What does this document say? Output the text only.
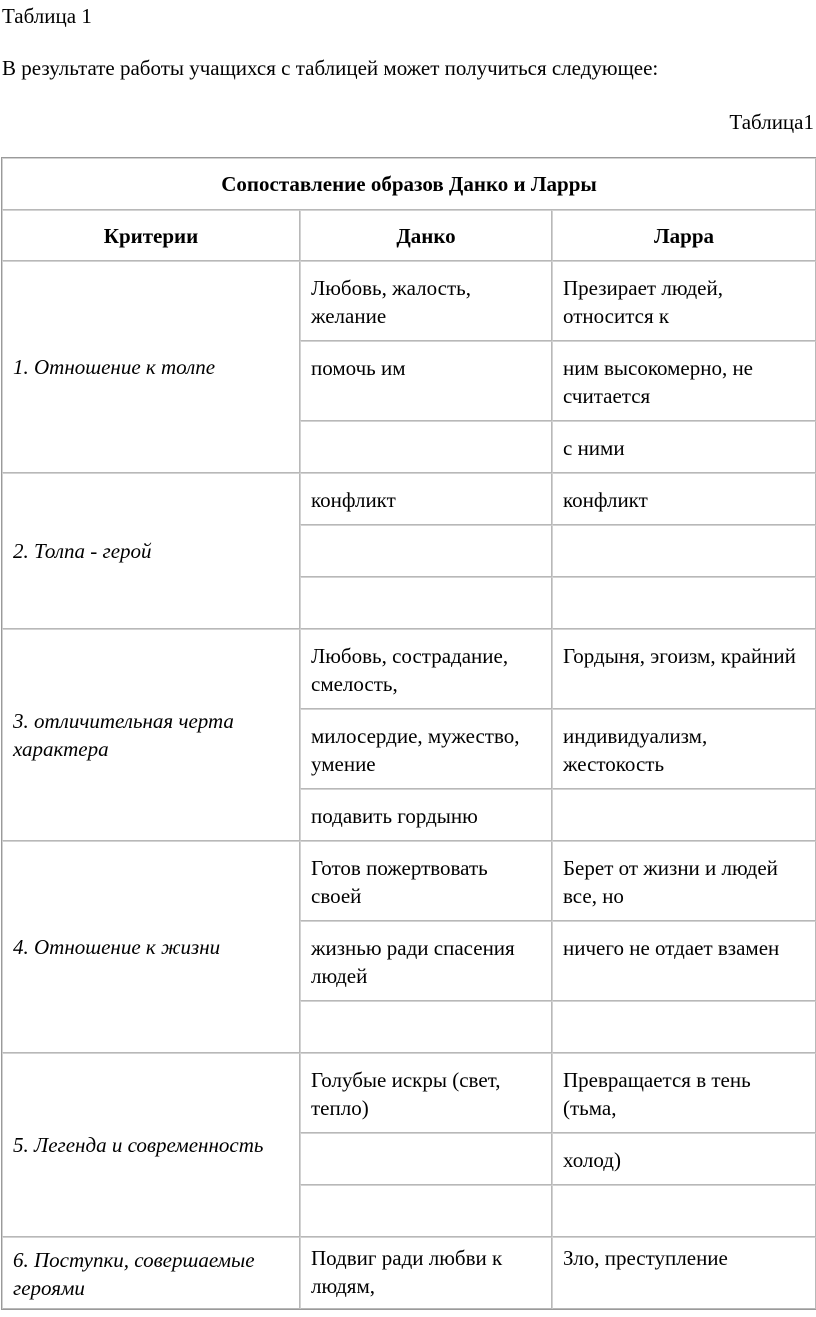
Таблица 1
В результате работы учащихся с таблицей может получиться следующее:
Таблица1
Сопоставление образов Данко и Ларры		
Критерии	Данко	Ларра
1. Отношение к толпе	Любовь, жалость, желание	Презирает людей, относится к
	помочь им	ним высокомерно, не считается
		с ними
2. Толпа - герой	конфликт	конфликт

3. отличительная черта характера	Любовь, сострадание, смелость,	Гордыня, эгоизм, крайний
	милосердие, мужество, умение	индивидуализм, жестокость
	подавить гордыню	
4. Отношение к жизни	Готов пожертвовать своей	Берет от жизни и людей все, но
	жизнью ради спасения людей	ничего не отдает взамен

5. Легенда и современность	Голубые искры (свет, тепло)	Превращается в тень (тьма,
		холод)

6. Поступки, совершаемые героями	Подвиг ради любви к людям,	Зло, преступление
